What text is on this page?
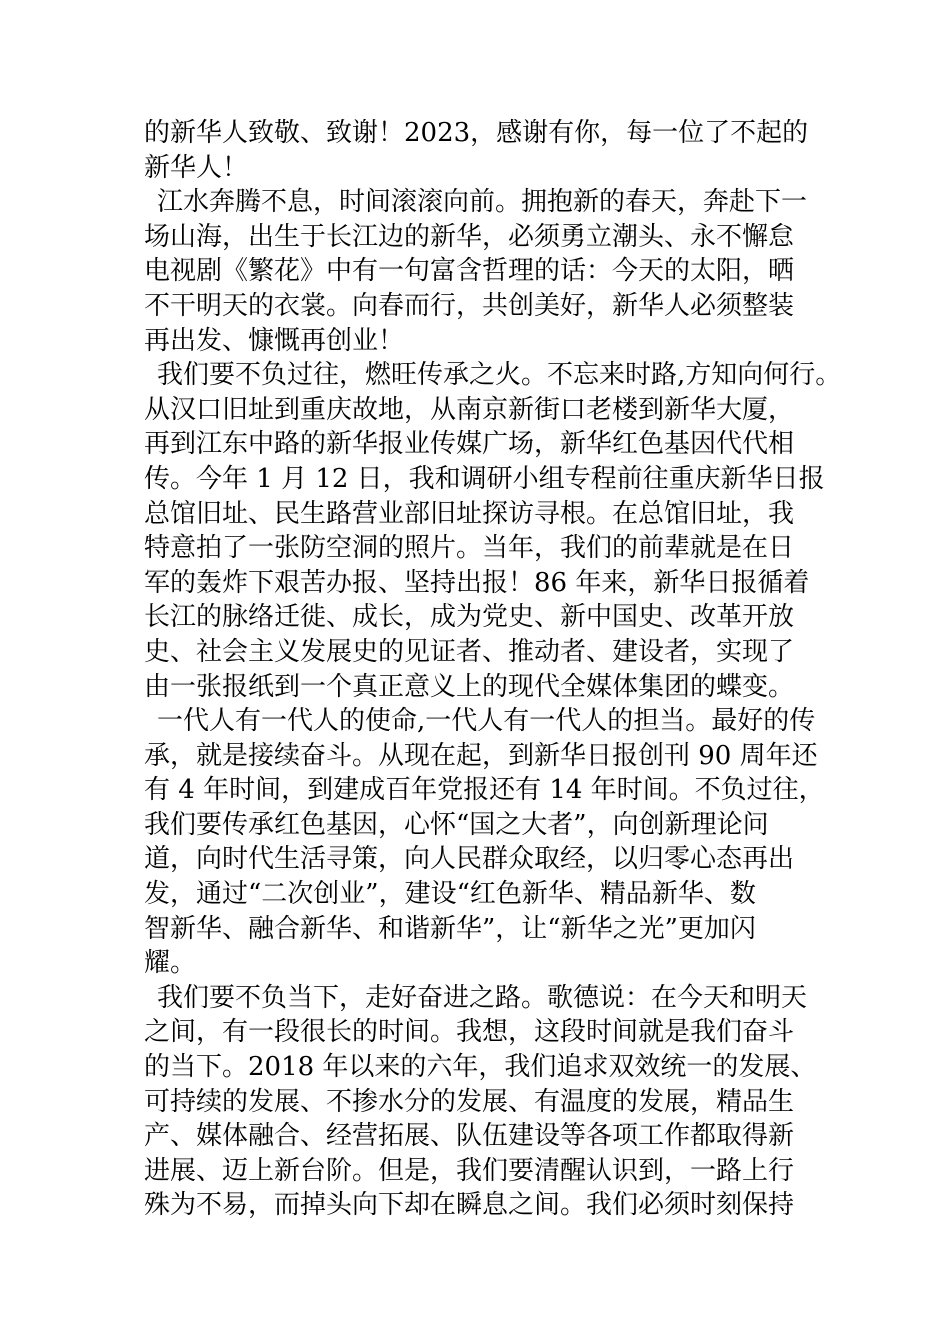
的新华人致敬、致谢！2023，感谢有你，每一位了不起的
新华人！
江水奔腾不息，时间滚滚向前。拥抱新的春天，奔赴下一
场山海，出生于长江边的新华，必须勇立潮头、永不懈怠
电视剧《繁花》中有一句富含哲理的话：今天的太阳，晒
不干明天的衣裳。向春而行，共创美好，新华人必须整装
再出发、慷慨再创业！
我们要不负过往，燃旺传承之火。不忘来时路,方知向何行。
从汉口旧址到重庆故地，从南京新街口老楼到新华大厦，
再到江东中路的新华报业传媒广场，新华红色基因代代相
传。今年 1 月 12 日，我和调研小组专程前往重庆新华日报
总馆旧址、民生路营业部旧址探访寻根。在总馆旧址，我
特意拍了一张防空洞的照片。当年，我们的前辈就是在日
军的轰炸下艰苦办报、坚持出报！86 年来，新华日报循着
长江的脉络迁徙、成长，成为党史、新中国史、改革开放
史、社会主义发展史的见证者、推动者、建设者，实现了
由一张报纸到一个真正意义上的现代全媒体集团的蝶变。
一代人有一代人的使命,一代人有一代人的担当。最好的传
承，就是接续奋斗。从现在起，到新华日报创刊 90 周年还
有 4 年时间，到建成百年党报还有 14 年时间。不负过往，
我们要传承红色基因，心怀“国之大者”，向创新理论问
道，向时代生活寻策，向人民群众取经，以归零心态再出
发，通过“二次创业”，建设“红色新华、精品新华、数
智新华、融合新华、和谐新华”，让“新华之光”更加闪
耀。
我们要不负当下，走好奋进之路。歌德说：在今天和明天
之间，有一段很长的时间。我想，这段时间就是我们奋斗
的当下。2018 年以来的六年，我们追求双效统一的发展、
可持续的发展、不掺水分的发展、有温度的发展，精品生
产、媒体融合、经营拓展、队伍建设等各项工作都取得新
进展、迈上新台阶。但是，我们要清醒认识到，一路上行
殊为不易，而掉头向下却在瞬息之间。我们必须时刻保持
